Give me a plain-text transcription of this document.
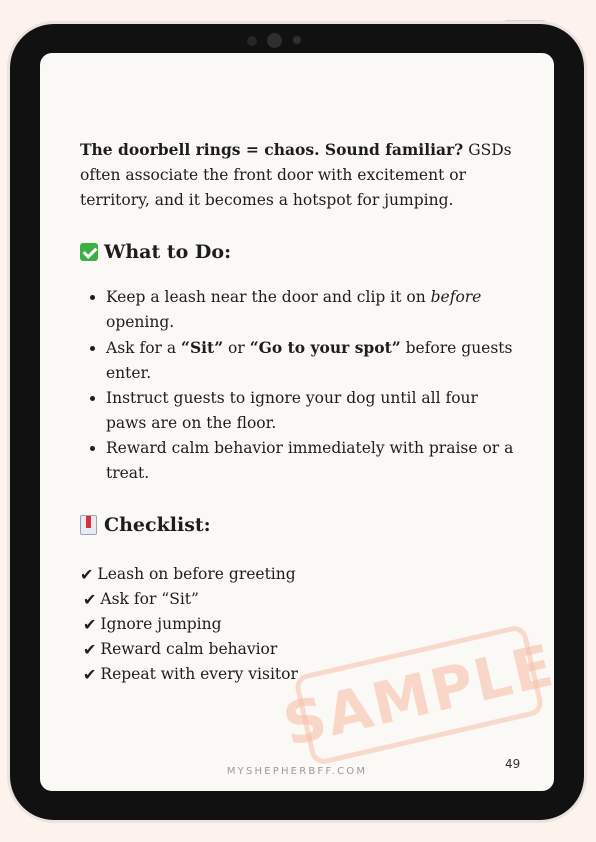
The doorbell rings = chaos. Sound familiar? GSDs often associate the front door with excitement or territory, and it becomes a hotspot for jumping.

What to Do:
• Keep a leash near the door and clip it on before opening.
• Ask for a “Sit” or “Go to your spot” before guests enter.
• Instruct guests to ignore your dog until all four paws are on the floor.
• Reward calm behavior immediately with praise or a treat.
Checklist:
✔ Leash on before greeting
✔ Ask for “Sit”
✔ Ignore jumping
✔ Reward calm behavior
✔ Repeat with every visitor
MYSHEPHERBFF.COM
49
SAMPLE
